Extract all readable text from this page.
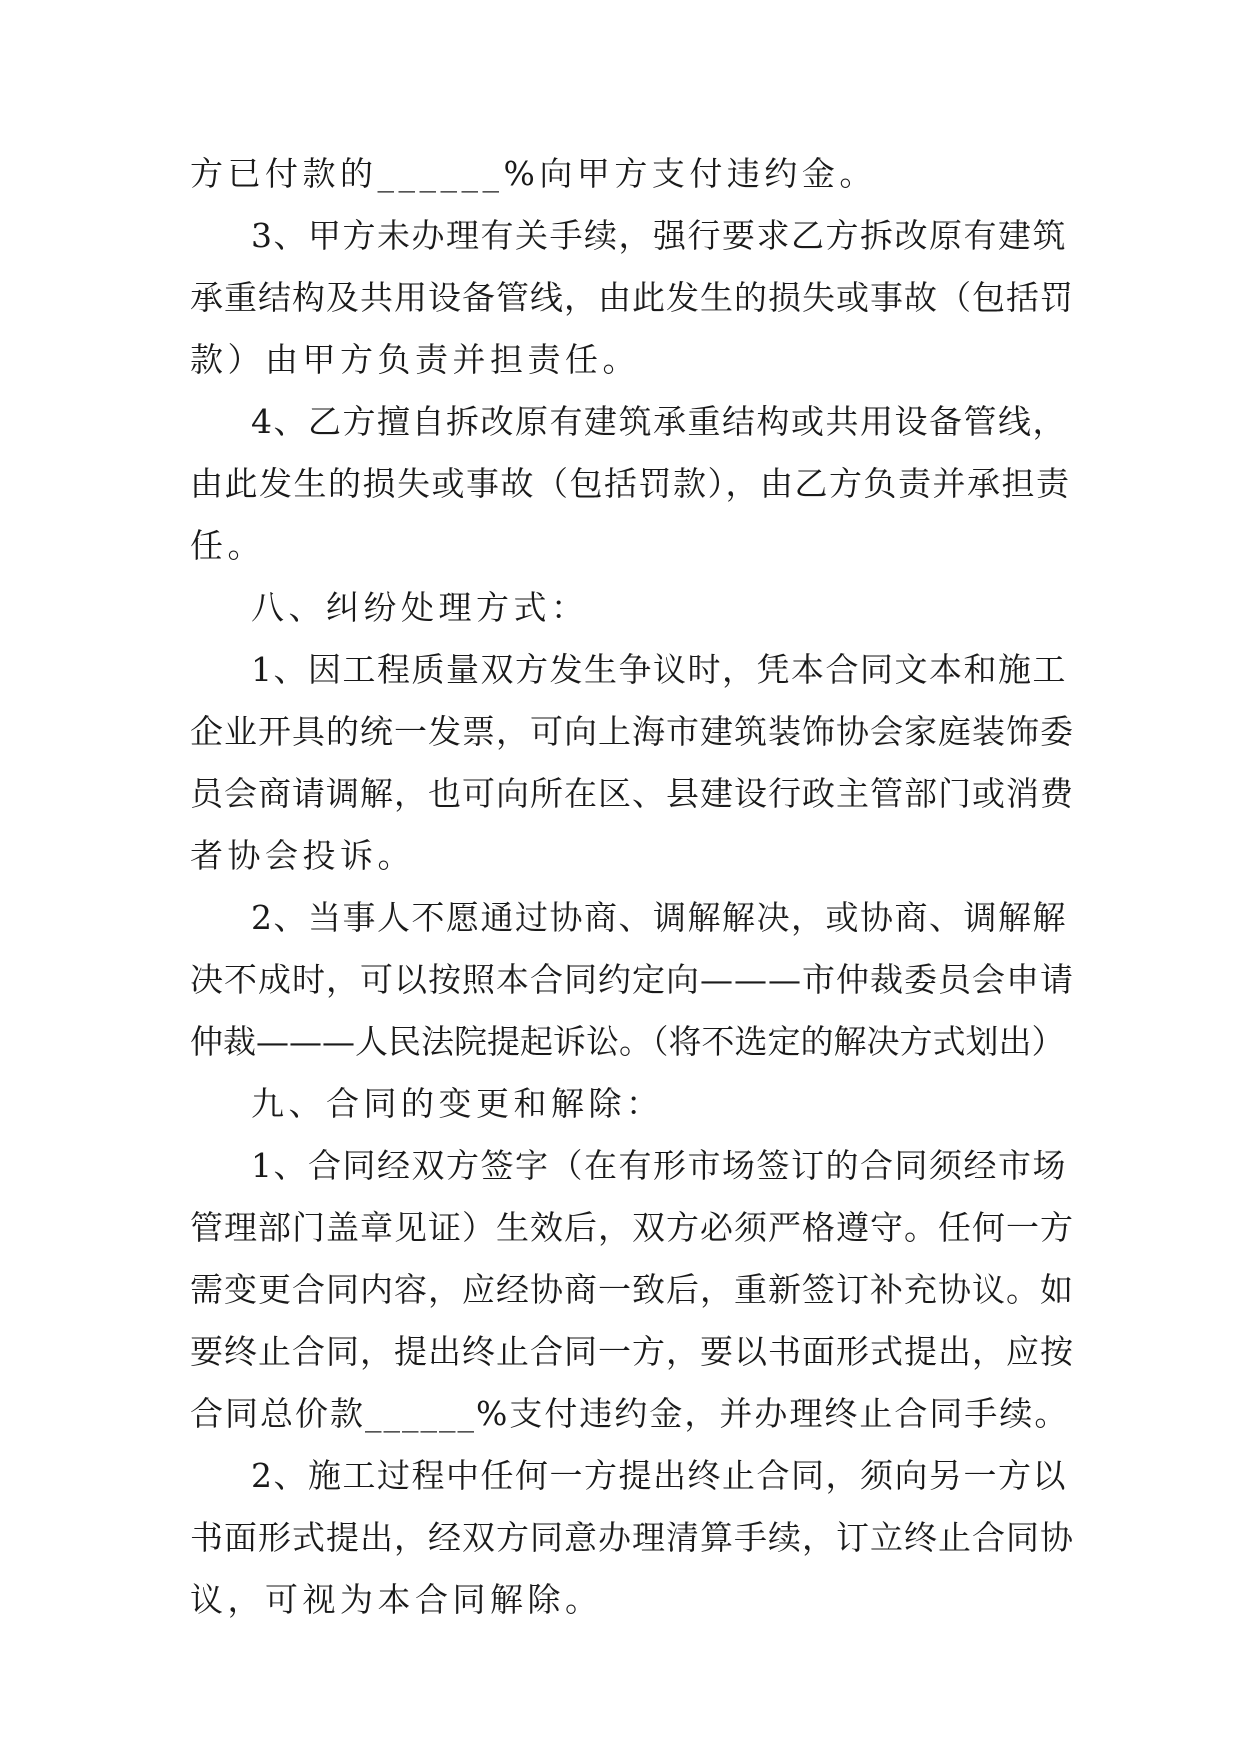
方已付款的______%向甲方支付违约金。
3、甲方未办理有关手续，强行要求乙方拆改原有建筑
承重结构及共用设备管线，由此发生的损失或事故（包括罚
款）由甲方负责并担责任。
4、乙方擅自拆改原有建筑承重结构或共用设备管线，
由此发生的损失或事故（包括罚款），由乙方负责并承担责
任。
八、纠纷处理方式：
1、因工程质量双方发生争议时，凭本合同文本和施工
企业开具的统一发票，可向上海市建筑装饰协会家庭装饰委
员会商请调解，也可向所在区、县建设行政主管部门或消费
者协会投诉。
2、当事人不愿通过协商、调解解决，或协商、调解解
决不成时，可以按照本合同约定向———市仲裁委员会申请
仲裁———人民法院提起诉讼。（将不选定的解决方式划出）
九、合同的变更和解除：
1、合同经双方签字（在有形市场签订的合同须经市场
管理部门盖章见证）生效后，双方必须严格遵守。任何一方
需变更合同内容，应经协商一致后，重新签订补充协议。如
要终止合同，提出终止合同一方，要以书面形式提出，应按
合同总价款______%支付违约金，并办理终止合同手续。
2、施工过程中任何一方提出终止合同，须向另一方以
书面形式提出，经双方同意办理清算手续，订立终止合同协
议，可视为本合同解除。
